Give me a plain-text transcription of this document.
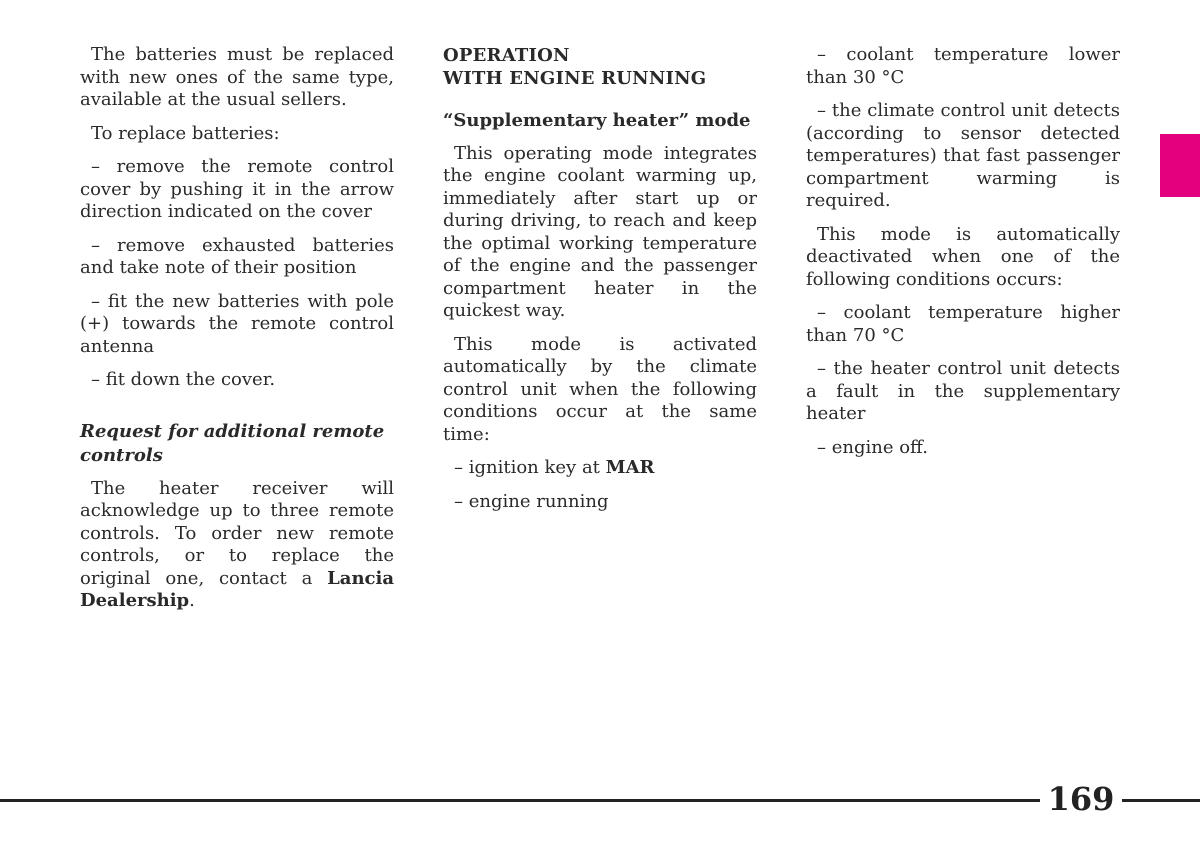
The batteries must be replaced with new ones of the same type, available at the usual sellers.

To replace batteries:

– remove the remote control cover by pushing it in the arrow direction indicated on the cover

– remove exhausted batteries and take note of their position

– fit the new batteries with pole (+) towards the remote control antenna

– fit down the cover.

Request for additional remote controls

The heater receiver will acknowledge up to three remote controls. To order new remote controls, or to replace the original one, contact a Lancia Dealership.

OPERATION
WITH ENGINE RUNNING
“Supplementary heater” mode

This operating mode integrates the engine coolant warming up, immediately after start up or during driving, to reach and keep the optimal working temperature of the engine and the passenger compartment heater in the quickest way.

This mode is activated automatically by the climate control unit when the following conditions occur at the same time:

– ignition key at MAR

– engine running

– coolant temperature lower than 30 °C

– the climate control unit detects (according to sensor detected temperatures) that fast passenger compartment warming is required.

This mode is automatically deactivated when one of the following conditions occurs:

– coolant temperature higher than 70 °C

– the heater control unit detects a fault in the supplementary heater

– engine off.

169
